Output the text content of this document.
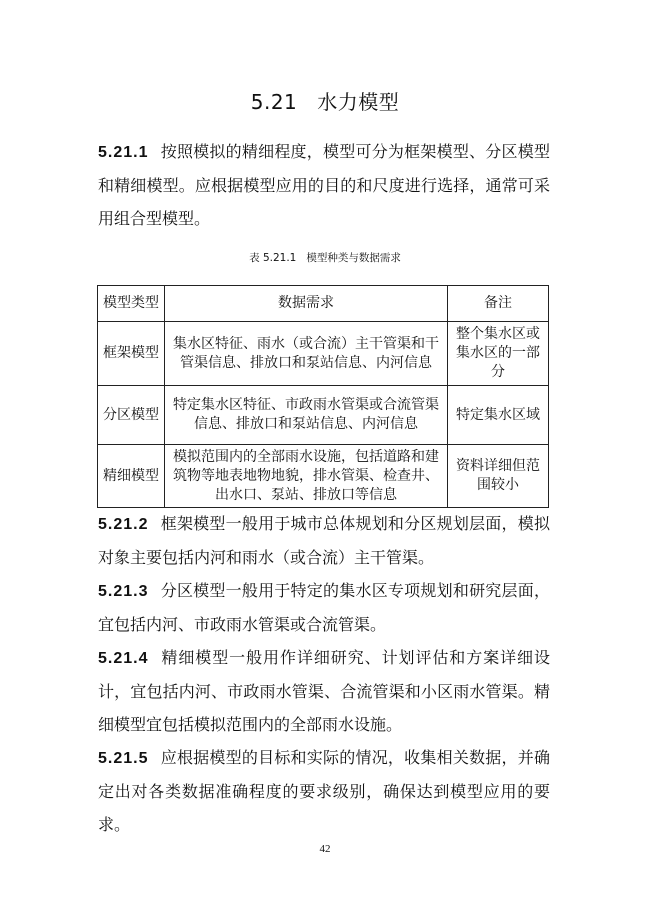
5.21 水力模型
5.21.1 按照模拟的精细程度，模型可分为框架模型、分区模型和精细模型。应根据模型应用的目的和尺度进行选择，通常可采用组合型模型。
表 5.21.1 模型种类与数据需求
模型类型	数据需求	备注
框架模型	集水区特征、雨水（或合流）主干管渠和干管渠信息、排放口和泵站信息、内河信息	整个集水区或集水区的一部分
分区模型	特定集水区特征、市政雨水管渠或合流管渠信息、排放口和泵站信息、内河信息	特定集水区域
精细模型	模拟范围内的全部雨水设施，包括道路和建筑物等地表地物地貌，排水管渠、检查井、出水口、泵站、排放口等信息	资料详细但范围较小
5.21.2 框架模型一般用于城市总体规划和分区规划层面，模拟对象主要包括内河和雨水（或合流）主干管渠。
5.21.3 分区模型一般用于特定的集水区专项规划和研究层面，宜包括内河、市政雨水管渠或合流管渠。
5.21.4 精细模型一般用作详细研究、计划评估和方案详细设计，宜包括内河、市政雨水管渠、合流管渠和小区雨水管渠。精细模型宜包括模拟范围内的全部雨水设施。
5.21.5 应根据模型的目标和实际的情况，收集相关数据，并确定出对各类数据准确程度的要求级别，确保达到模型应用的要求。
42
